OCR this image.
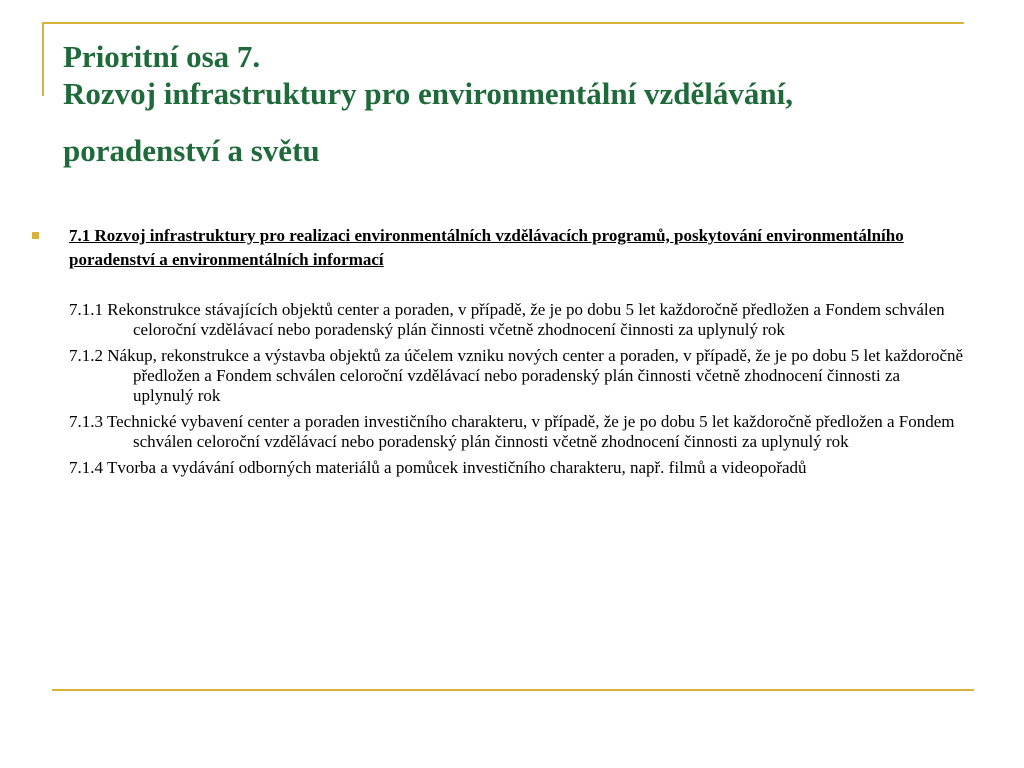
Prioritní osa 7.
Rozvoj infrastruktury pro environmentální vzdělávání,
poradenství a světu

7.1 Rozvoj infrastruktury pro realizaci environmentálních vzdělávacích programů, poskytování environmentálního poradenství a environmentálních informací

7.1.1 Rekonstrukce stávajících objektů center a poraden, v případě, že je po dobu 5 let každoročně předložen a Fondem schválen celoroční vzdělávací nebo poradenský plán činnosti včetně zhodnocení činnosti za uplynulý rok
7.1.2 Nákup, rekonstrukce a výstavba objektů za účelem vzniku nových center a poraden, v případě, že je po dobu 5 let každoročně předložen a Fondem schválen celoroční vzdělávací nebo poradenský plán činnosti včetně zhodnocení činnosti za uplynulý rok
7.1.3 Technické vybavení center a poraden investičního charakteru, v případě, že je po dobu 5 let každoročně předložen a Fondem schválen celoroční vzdělávací nebo poradenský plán činnosti včetně zhodnocení činnosti za uplynulý rok
7.1.4 Tvorba a vydávání odborných materiálů a pomůcek investičního charakteru, např. filmů a videopořadů
